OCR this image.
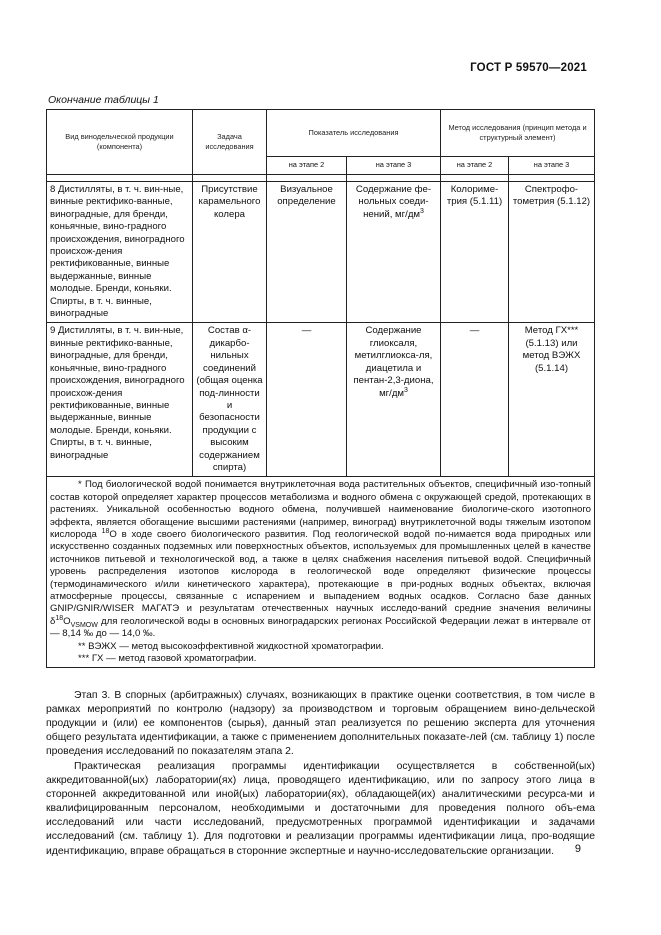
ГОСТ Р 59570—2021
Окончание таблицы 1
Вид винодельческой продукции (компонента)	Задача исследования	Показатель исследования		Метод исследования (принцип метода и структурный элемент)	
		на этапе 2	на этапе 3	на этапе 2	на этапе 3

8 Дистилляты, в т. ч. вин-ные, винные ректифико-ванные, виноградные, для бренди, коньячные, вино-градного происхождения, виноградного происхож-дения ректификованные, винные выдержанные, винные молодые. Бренди, коньяки. Спирты, в т. ч. винные, виноградные	Присутствие карамельного колера	Визуальное определение	Содержание фе-нольных соеди-нений, $мг/дм^3$	Колориме-трия (5.1.11)	Спектрофо-тометрия (5.1.12)
9 Дистилляты, в т. ч. вин-ные, винные ректифико-ванные, виноградные, для бренди, коньячные, вино-градного происхождения, виноградного происхож-дения ректификованные, винные выдержанные, винные молодые. Бренди, коньяки. Спирты, в т. ч. винные, виноградные	Состав α-дикарбо-нильных соединений (общая оценка под-линности и безопасности продукции с высоким содержанием спирта)	—	Содержание глиоксаля, метилглиокса-ля, диацетила и пентан-2,3-диона, $мг/дм^3$	—	Метод ГХ*** (5.1.13) или метод ВЭЖХ (5.1.14)

* Под биологической водой понимается внутриклеточная вода растительных объектов, специфичный изо-топный состав которой определяет характер процессов метаболизма и водного обмена с окружающей средой, протекающих в растениях. Уникальной особенностью водного обмена, получившей наименование биологиче-ского изотопного эффекта, является обогащение высшими растениями (например, виноград) внутриклеточной воды тяжелым изотопом кислорода $^{18}$O в ходе своего биологического развития. Под геологической водой по-нимается вода природных или искусственно созданных подземных или поверхностных объектов, используемых для промышленных целей в качестве источников питьевой и технологической вод, а также в целях снабжения населения питьевой водой. Специфичный уровень распределения изотопов кислорода в геологической воде определяют физические процессы (термодинамического и/или кинетического характера), протекающие в при-родных водных объектах, включая атмосферные процессы, связанные с испарением и выпадением водных осадков. Согласно базе данных GNIP/GNIR/WISER МАГАТЭ и результатам отечественных научных исследо-ваний средние значения величины $\delta^{18}O_{VSMOW}$ для геологической воды в основных виноградарских регионах Российской Федерации лежат в интервале от — 8,14 ‰ до — 14,0 ‰.

** ВЭЖХ — метод высокоэффективной жидкостной хроматографии.

*** ГХ — метод газовой хроматографии.					

Этап 3. В спорных (арбитражных) случаях, возникающих в практике оценки соответствия, в том числе в рамках мероприятий по контролю (надзору) за производством и торговым обращением вино-дельческой продукции и (или) ее компонентов (сырья), данный этап реализуется по решению эксперта для уточнения общего результата идентификации, а также с применением дополнительных показате-лей (см. таблицу 1) после проведения исследований по показателям этапа 2.

Практическая реализация программы идентификации осуществляется в собственной(ых) аккредитованной(ых) лаборатории(ях) лица, проводящего идентификацию, или по запросу этого лица в сторонней аккредитованной или иной(ых) лаборатории(ях), обладающей(их) аналитическими ресурса-ми и квалифицированным персоналом, необходимыми и достаточными для проведения полного объ-ема исследований или части исследований, предусмотренных программой идентификации и задачами исследований (см. таблицу 1). Для подготовки и реализации программы идентификации лица, про-водящие идентификацию, вправе обращаться в сторонние экспертные и научно-исследовательские организации.	9
